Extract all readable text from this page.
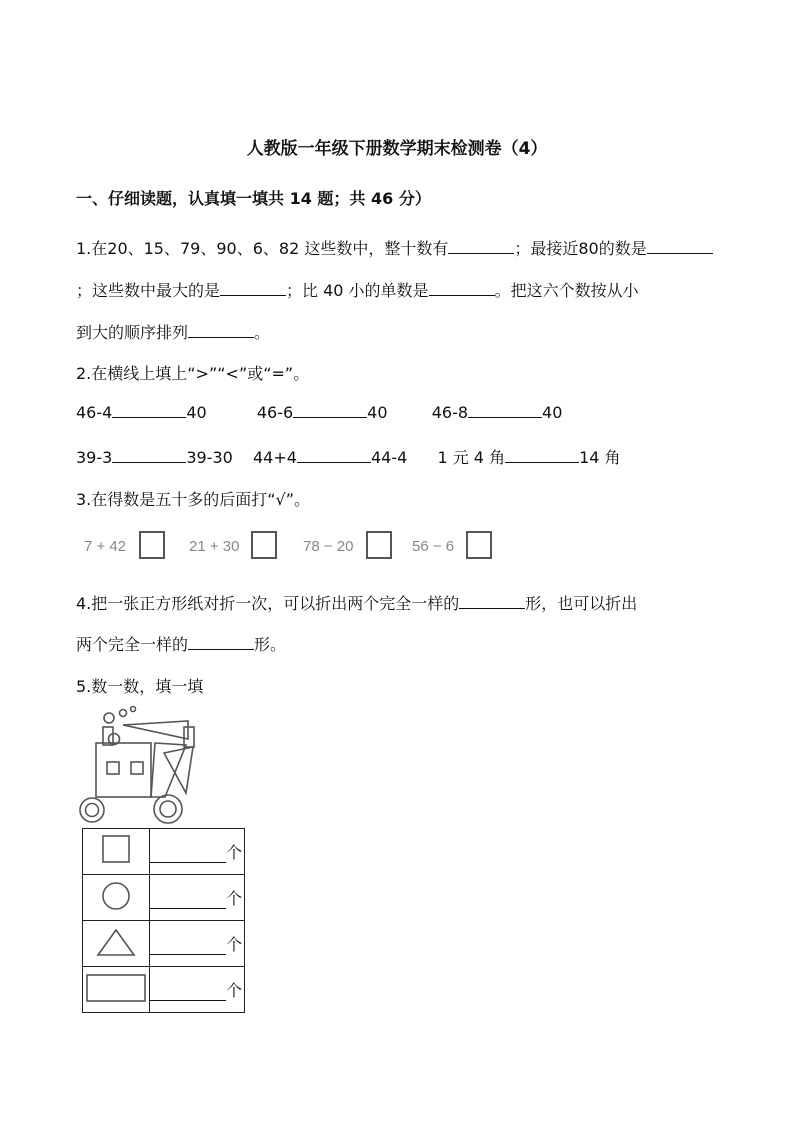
人教版一年级下册数学期末检测卷（4）
一、仔细读题，认真填一填共 14 题；共 46 分）
1.在20、15、79、90、6、82 这些数中，整十数有	；最接近80的数是
；这些数中最大的是	；比 40 小的单数是	。把这六个数按从小
到大的顺序排列	。
2.在横线上填上“>”“<”或“=”。
46-4	40	46-6	40	46-8	40
39-3	39-30 44+4	44-4 1 元 4 角	14 角
3.在得数是五十多的后面打“√”。
7 + 42	21 + 30	78 − 20	56 − 6
4.把一张正方形纸对折一次，可以折出两个完全一样的	形，也可以折出
两个完全一样的	形。
5.数一数，填一填
	个
	个
	个
	个
